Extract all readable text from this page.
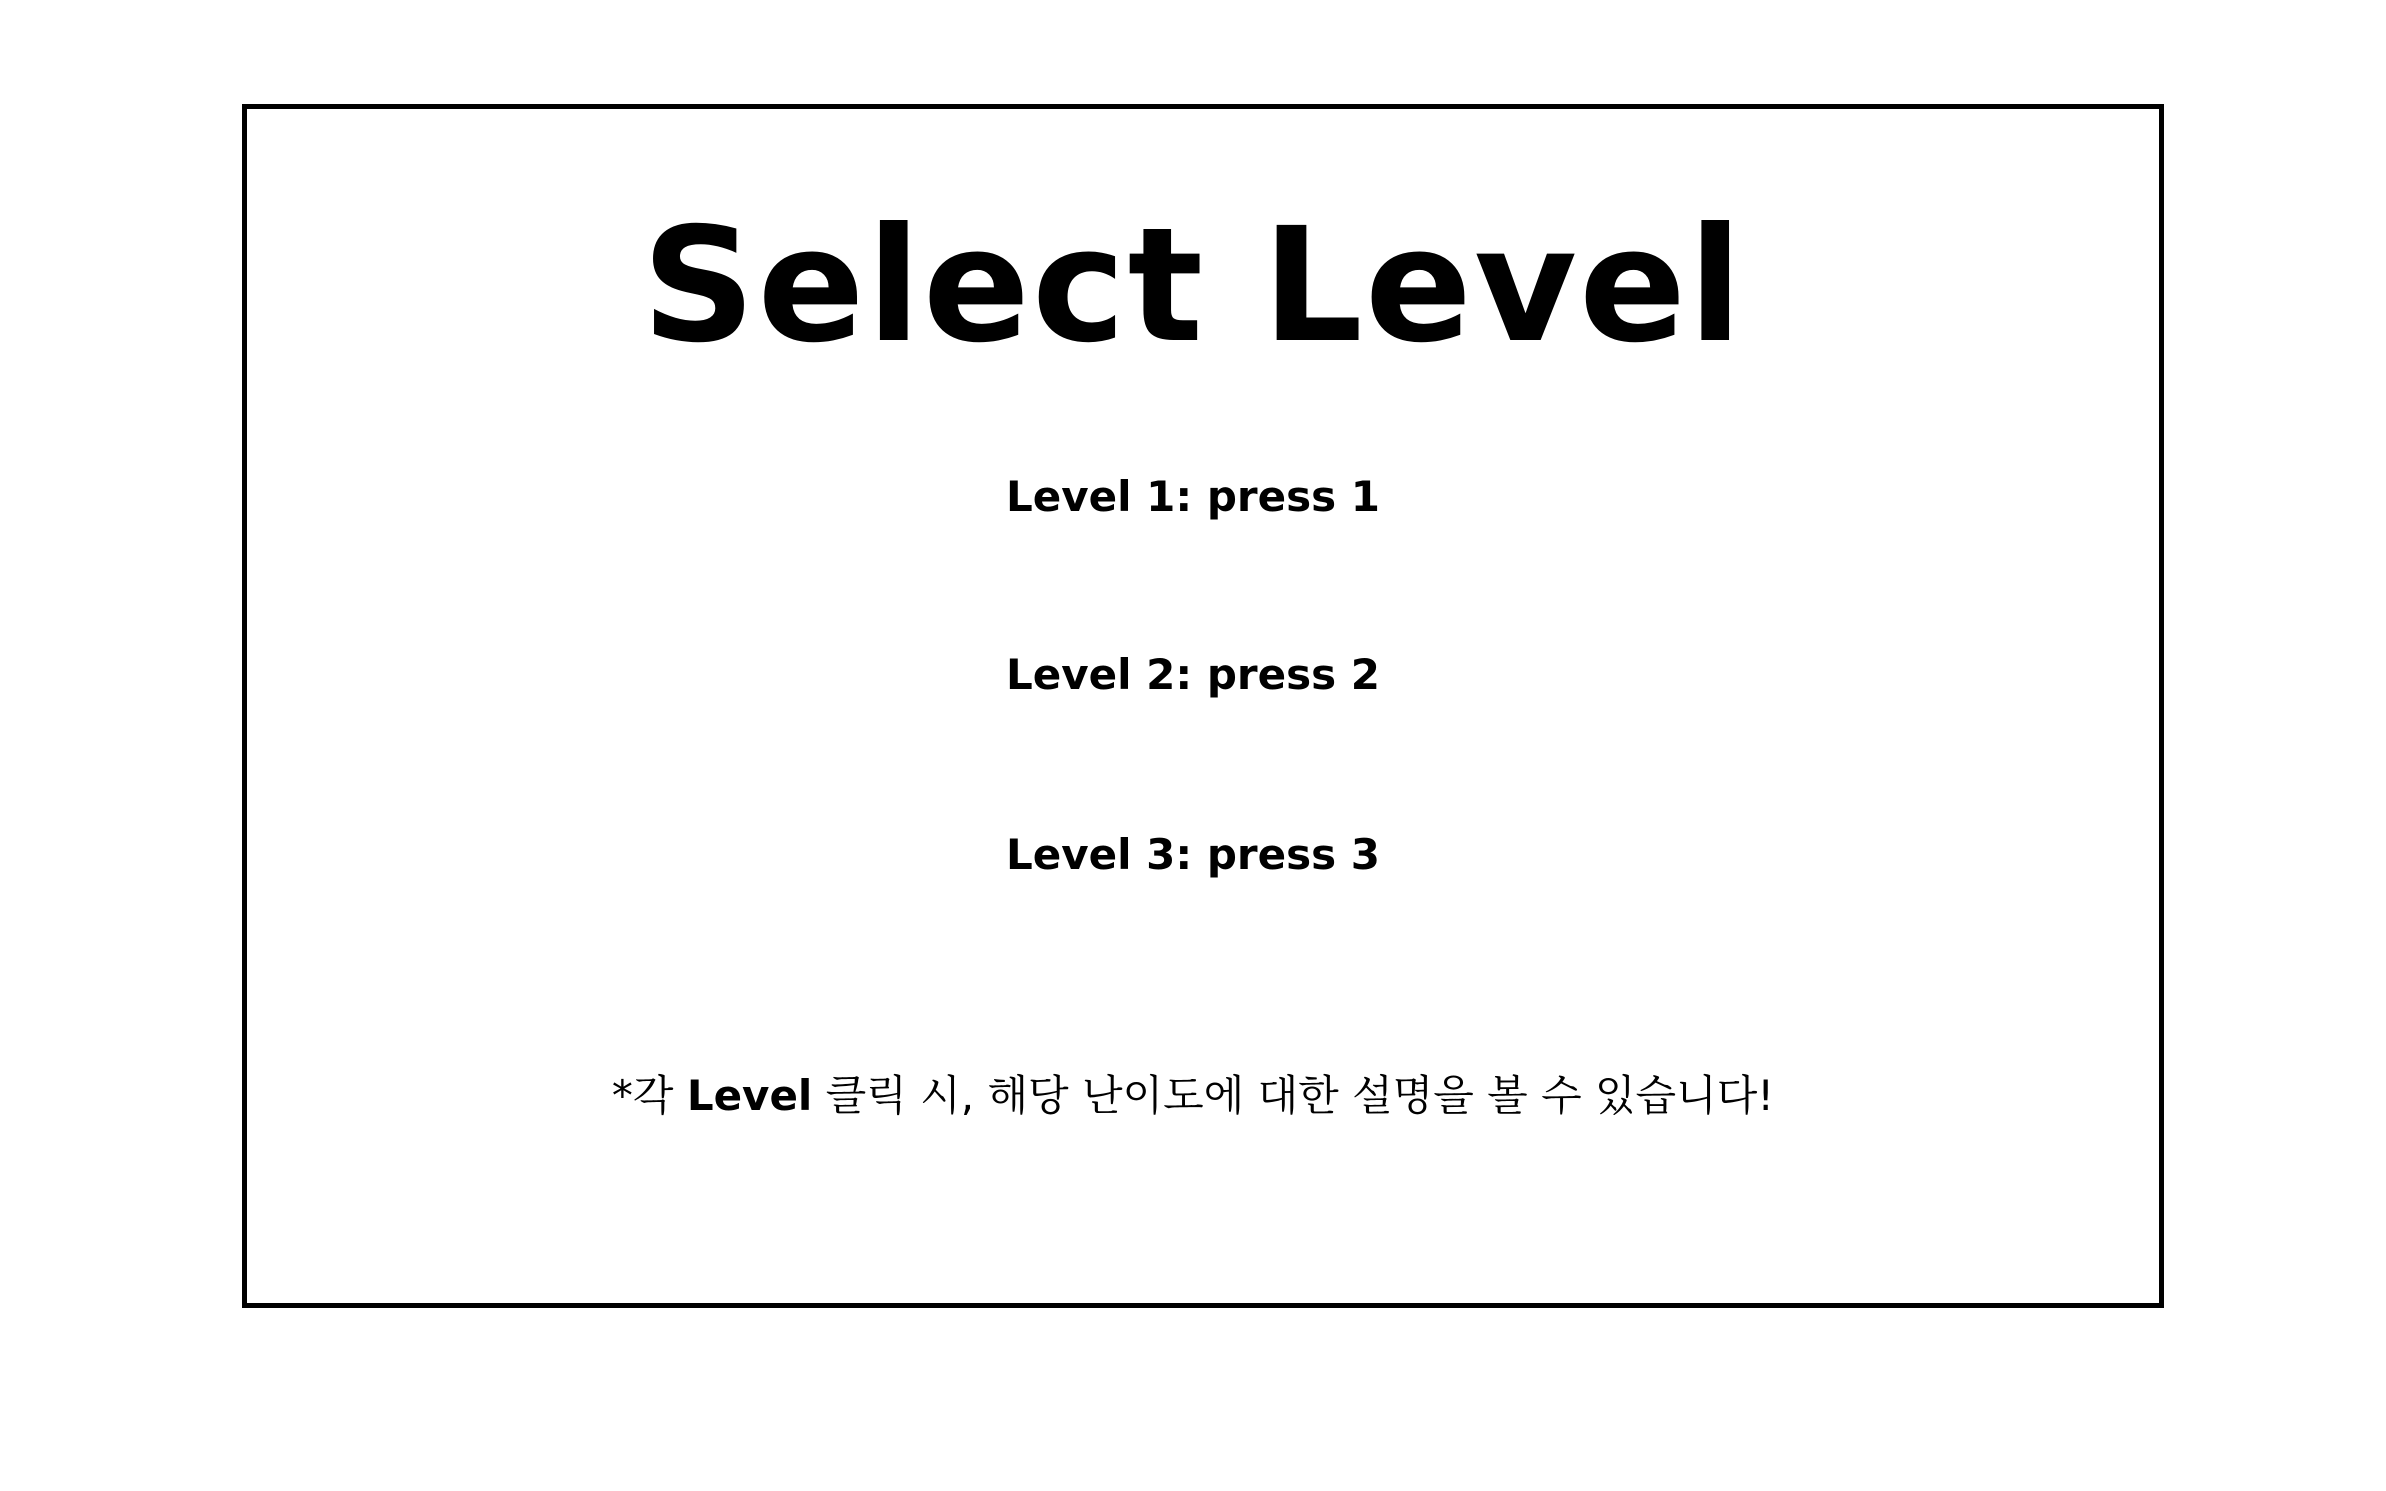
Select Level
Level 1: press 1
Level 2: press 2
Level 3: press 3
*각 Level 클릭 시, 해당 난이도에 대한 설명을 볼 수 있습니다!
